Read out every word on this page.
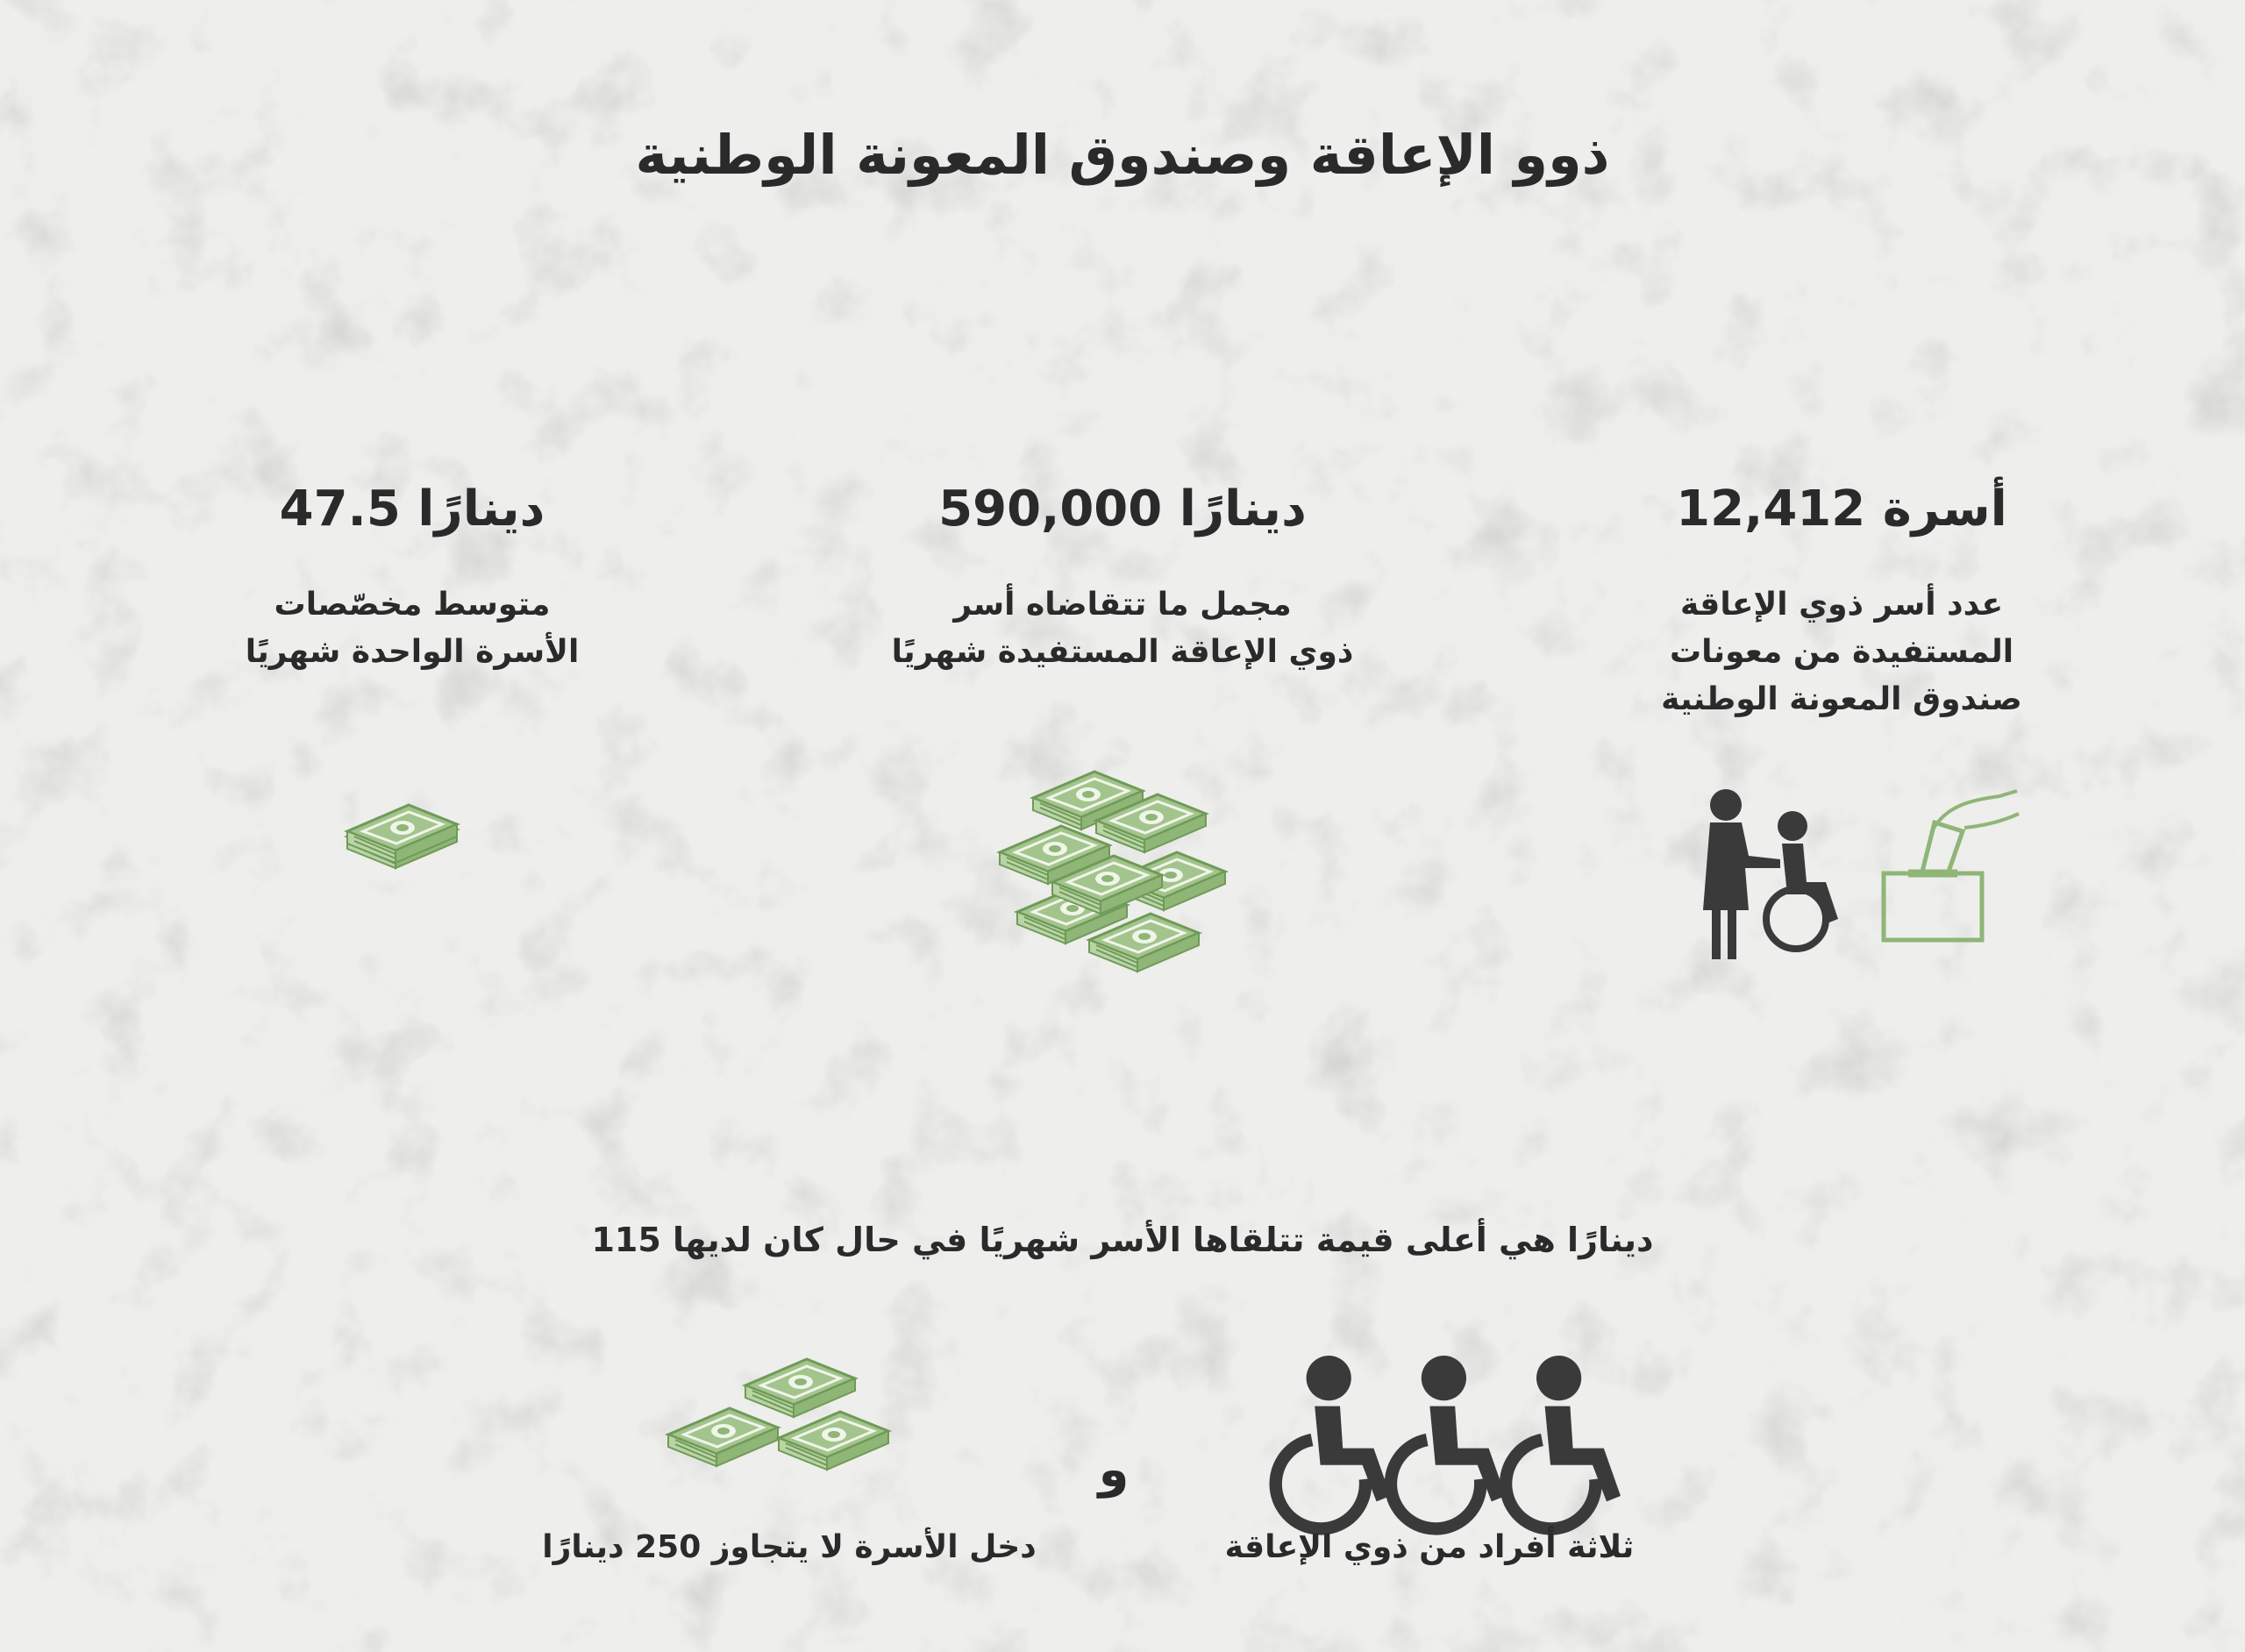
ذوو الإعاقة وصندوق المعونة الوطنية
12,412 أسرة
عدد أسر ذوي الإعاقة
المستفيدة من معونات
صندوق المعونة الوطنية
590,000 دينارًا
مجمل ما تتقاضاه أسر
ذوي الإعاقة المستفيدة شهريًا
47.5 دينارًا
متوسط مخصّصات
الأسرة الواحدة شهريًا
115 دينارًا هي أعلى قيمة تتلقاها الأسر شهريًا في حال كان لديها
ثلاثة أفراد من ذوي الإعاقة
و
دخل الأسرة لا يتجاوز 250 دينارًا
